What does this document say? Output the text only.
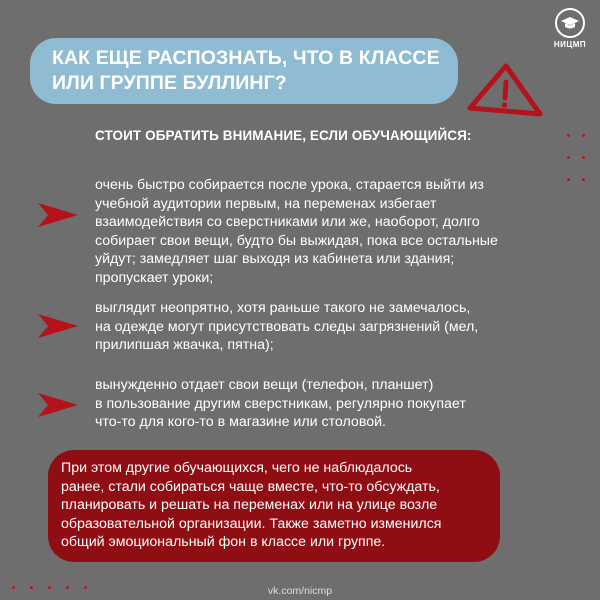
НИЦМП
КАК ЕЩЕ РАСПОЗНАТЬ, ЧТО В КЛАССЕ
ИЛИ ГРУППЕ БУЛЛИНГ?
СТОИТ ОБРАТИТЬ ВНИМАНИЕ, ЕСЛИ ОБУЧАЮЩИЙСЯ:
очень быстро собирается после урока, старается выйти из
учебной аудитории первым, на переменах избегает
взаимодействия со сверстниками или же, наоборот, долго
собирает свои вещи, будто бы выжидая, пока все остальные
уйдут; замедляет шаг выходя из кабинета или здания;
пропускает уроки;
выглядит неопрятно, хотя раньше такого не замечалось,
на одежде могут присутствовать следы загрязнений (мел,
прилипшая жвачка, пятна);
вынужденно отдает свои вещи (телефон, планшет)
в пользование другим сверстникам, регулярно покупает
что-то для кого-то в магазине или столовой.
При этом другие обучающихся, чего не наблюдалось
ранее, стали собираться чаще вместе, что-то обсуждать,
планировать и решать на переменах или на улице возле
образовательной организации. Также заметно изменился
общий эмоциональный фон в классе или группе.
vk.com/nicmp
